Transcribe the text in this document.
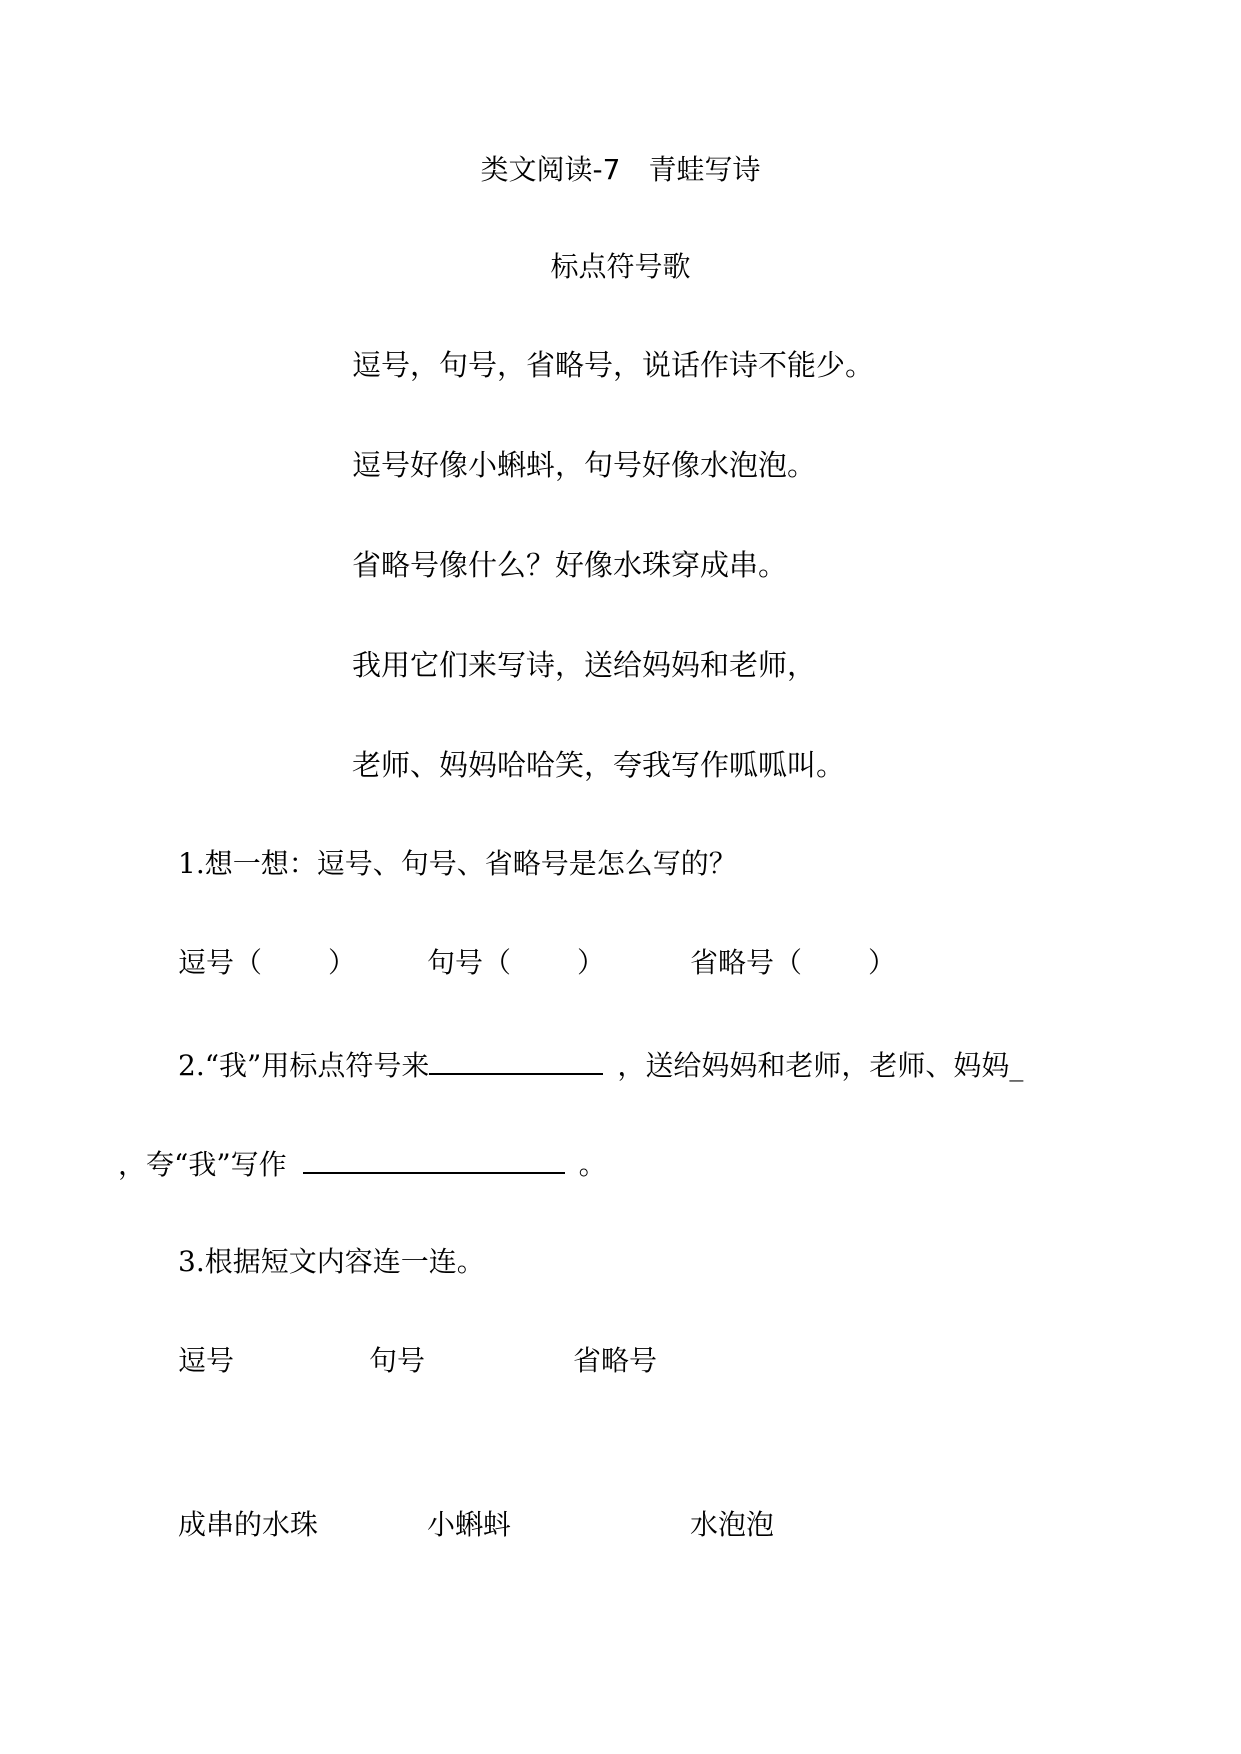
类文阅读-7　青蛙写诗
标点符号歌
逗号，句号，省略号，说话作诗不能少。
逗号好像小蝌蚪，句号好像水泡泡。
省略号像什么？好像水珠穿成串。
我用它们来写诗，送给妈妈和老师，
老师、妈妈哈哈笑，夸我写作呱呱叫。
1.想一想：逗号、句号、省略号是怎么写的？
逗号（ ）	句号（ ）	省略号（ ）
2.“我”用标点符号来	，送给妈妈和老师，老师、妈妈_
，夸“我”写作	。
3.根据短文内容连一连。
逗号	句号	省略号
成串的水珠	小蝌蚪	水泡泡
